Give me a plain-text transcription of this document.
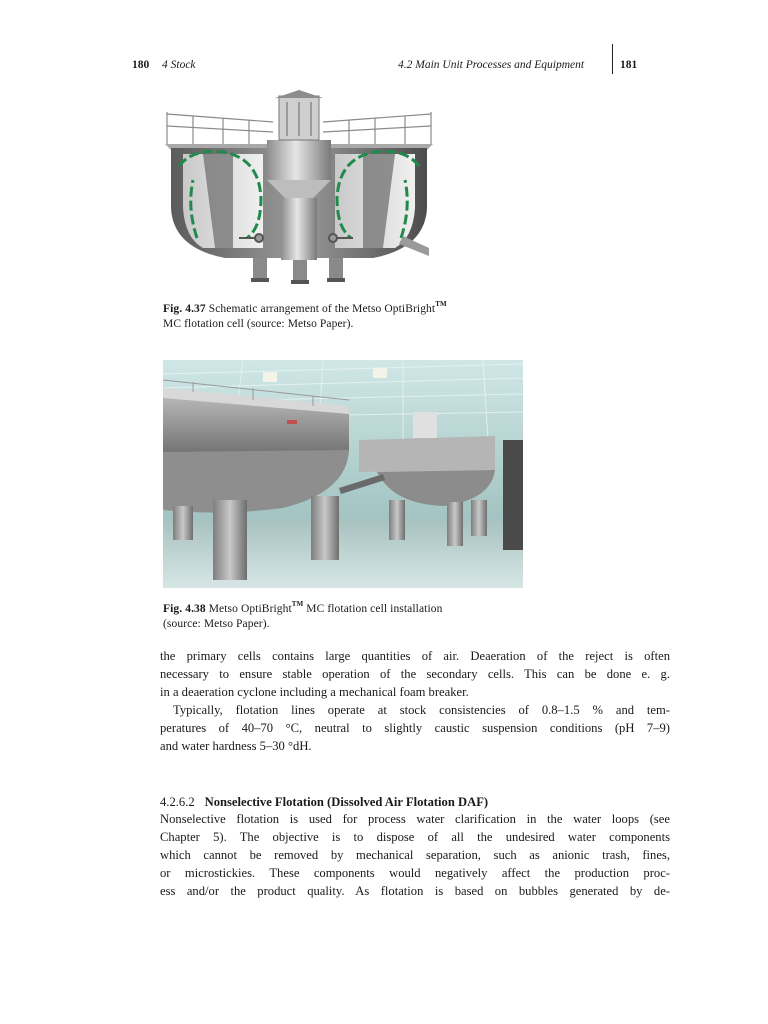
180 4 Stock	4.2 Main Unit Processes and Equipment	181
Fig. 4.37 Schematic arrangement of the Metso OptiBright™
MC flotation cell (source: Metso Paper).
Fig. 4.38 Metso OptiBright™ MC flotation cell installation
(source: Metso Paper).
the primary cells contains large quantities of air. Deaeration of the reject is often
necessary to ensure stable operation of the secondary cells. This can be done e. g.
in a deaeration cyclone including a mechanical foam breaker.
Typically, flotation lines operate at stock consistencies of 0.8–1.5 % and tem-
peratures of 40–70 °C, neutral to slightly caustic suspension conditions (pH 7–9)
and water hardness 5–30 °dH.
4.2.6.2 Nonselective Flotation (Dissolved Air Flotation DAF)
Nonselective flotation is used for process water clarification in the water loops (see
Chapter 5). The objective is to dispose of all the undesired water components
which cannot be removed by mechanical separation, such as anionic trash, fines,
or microstickies. These components would negatively affect the production proc-
ess and/or the product quality. As flotation is based on bubbles generated by de-
